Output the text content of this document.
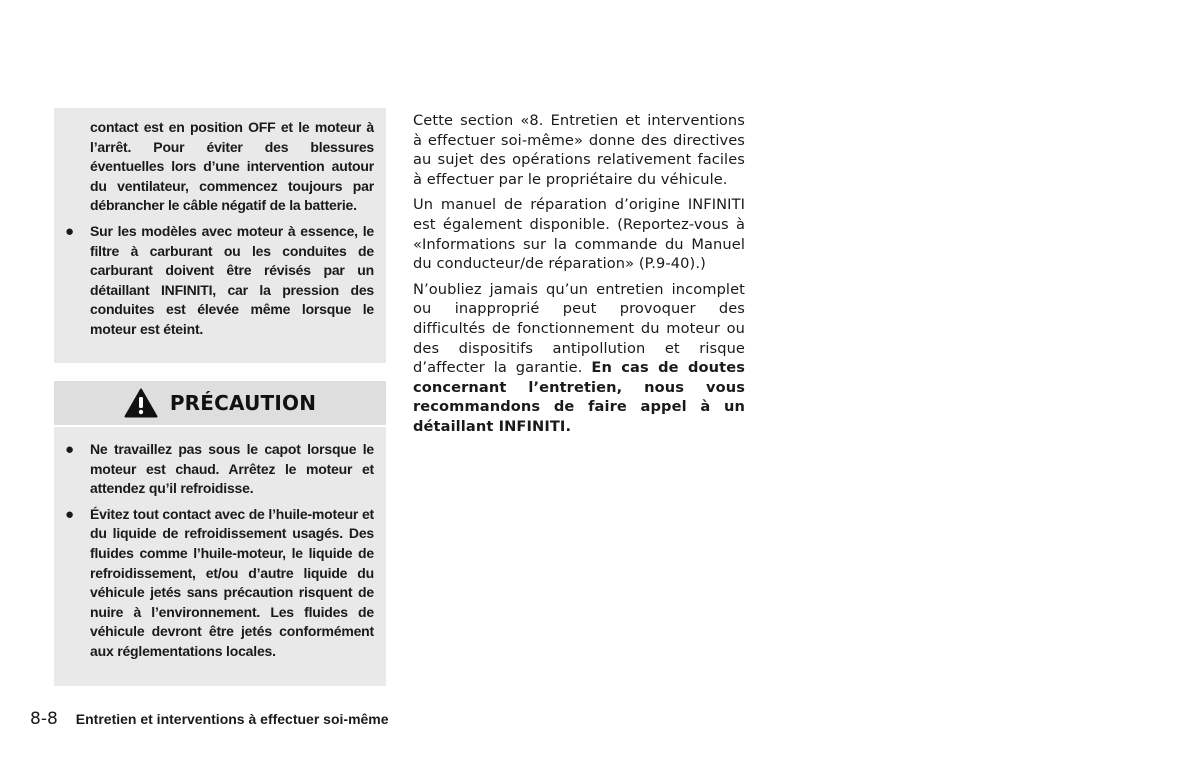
contact est en position OFF et le moteur à l’arrêt. Pour éviter des blessures éventuelles lors d’une intervention autour du ventilateur, commencez toujours par débrancher le câble négatif de la batterie.
● Sur les modèles avec moteur à essence, le filtre à carburant ou les conduites de carburant doivent être révisés par un détaillant INFINITI, car la pression des conduites est élevée même lorsque le moteur est éteint.
PRÉCAUTION
● Ne travaillez pas sous le capot lorsque le moteur est chaud. Arrêtez le moteur et attendez qu’il refroidisse.
● Évitez tout contact avec de l’huile-moteur et du liquide de refroidissement usagés. Des fluides comme l’huile-moteur, le liquide de refroidissement, et/ou d’autre liquide du véhicule jetés sans précaution risquent de nuire à l’environnement. Les fluides de véhicule devront être jetés conformément aux réglementations locales.

Cette section «8. Entretien et interventions à effectuer soi-même» donne des directives au sujet des opérations relativement faciles à effectuer par le propriétaire du véhicule.

Un manuel de réparation d’origine INFINITI est également disponible. (Reportez-vous à «Informations sur la commande du Manuel du conducteur/de réparation» (P.9-40).)

N’oubliez jamais qu’un entretien incomplet ou inapproprié peut provoquer des difficultés de fonctionnement du moteur ou des dispositifs antipollution et risque d’affecter la garantie. En cas de doutes concernant l’entretien, nous vous recommandons de faire appel à un détaillant INFINITI.

8-8 Entretien et interventions à effectuer soi-même
